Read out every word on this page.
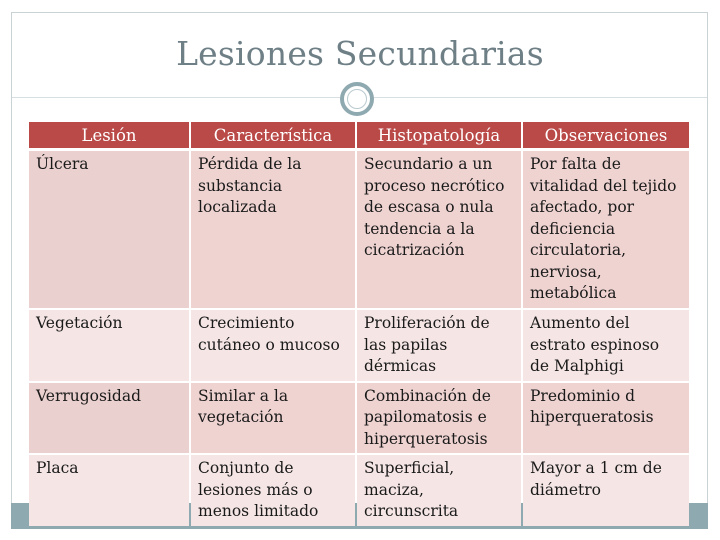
Lesiones Secundarias
Lesión	Característica	Histopatología	Observaciones
Úlcera	Pérdida de la substancia localizada	Secundario a un proceso necrótico de escasa o nula tendencia a la cicatrización	Por falta de vitalidad del tejido afectado, por deficiencia circulatoria, nerviosa, metabólica
Vegetación	Crecimiento cutáneo o mucoso	Proliferación de las papilas dérmicas	Aumento del estrato espinoso de Malphigi
Verrugosidad	Similar a la vegetación	Combinación de papilomatosis e hiperqueratosis	Predominio d hiperqueratosis
Placa	Conjunto de lesiones más o menos limitado	Superficial, maciza, circunscrita	Mayor a 1 cm de diámetro
